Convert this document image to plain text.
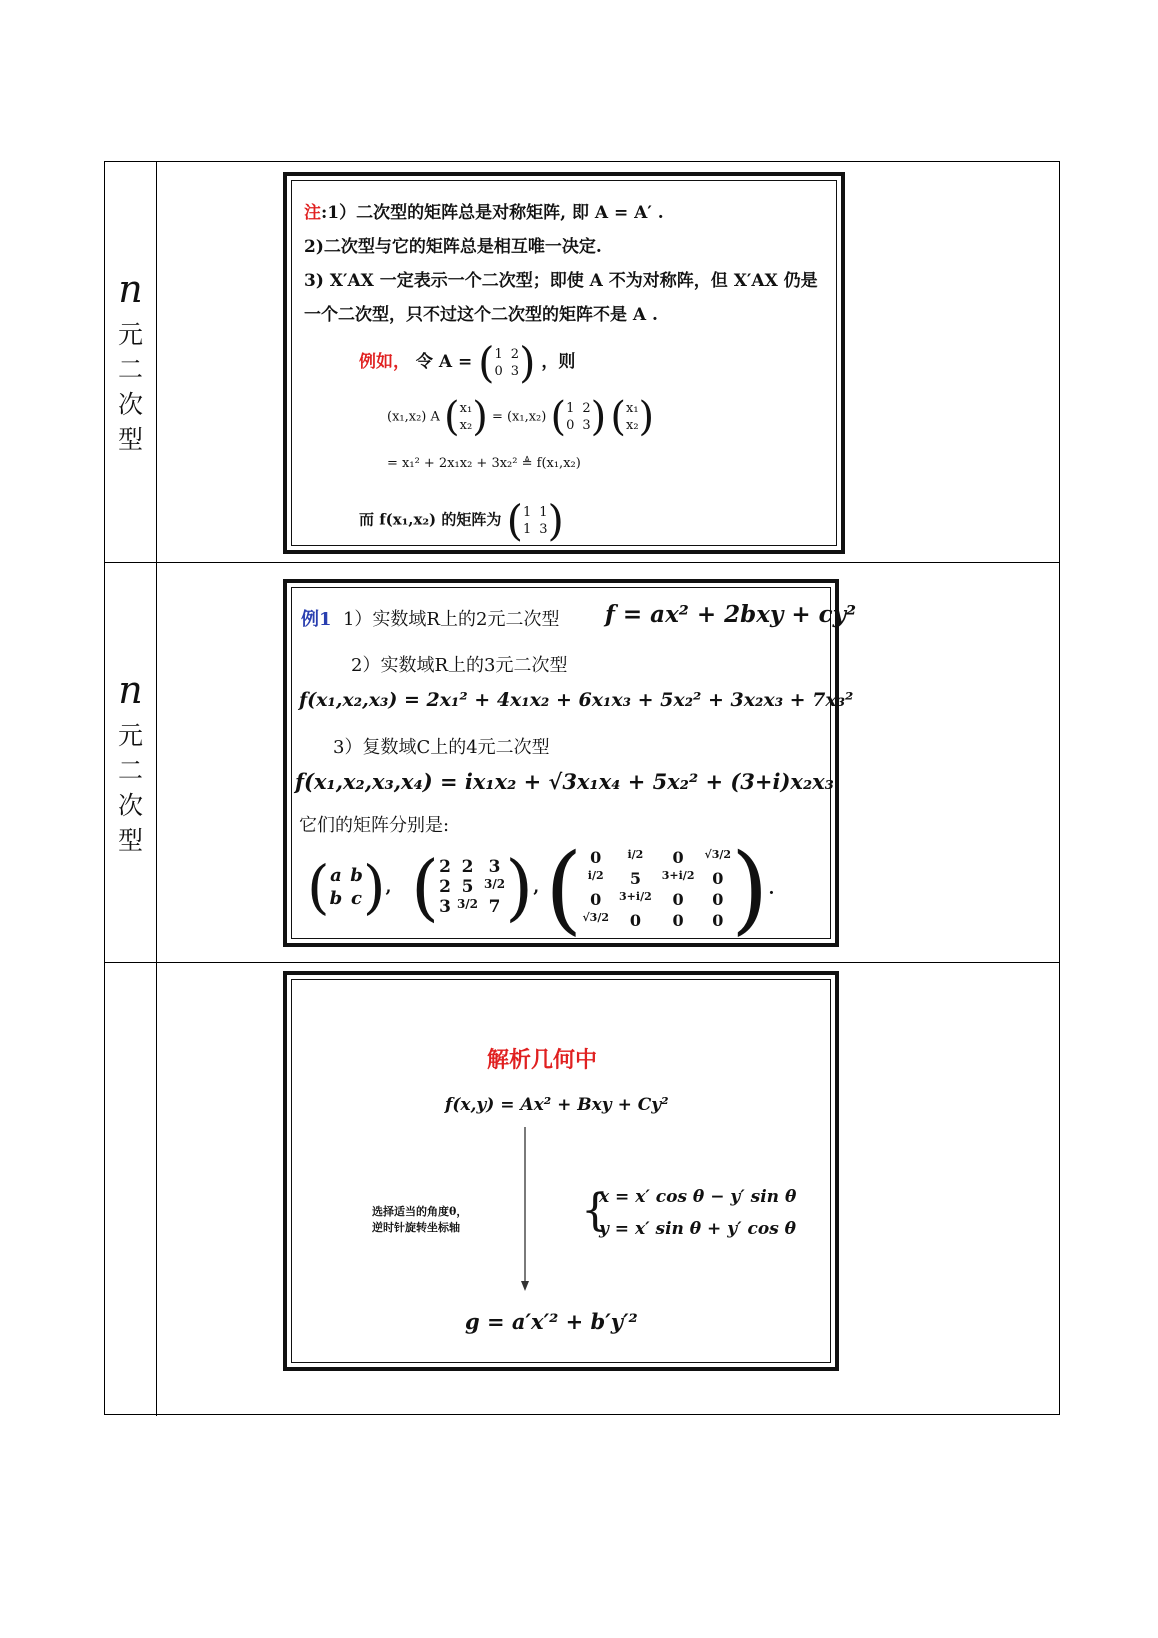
n
元
二
次
型
注:1）二次型的矩阵总是对称矩阵, 即 A = A′ .
2)二次型与它的矩阵总是相互唯一决定.
3) X′AX 一定表示一个二次型；即使 A 不为对称阵，但 X′AX 仍是
一个二次型，只不过这个二次型的矩阵不是 A .
例如， 令 A = ( 1 2
0 3 ) ，则
(x₁,x₂) A ( x₁
x₂ ) = (x₁,x₂) ( 1 2
0 3 )
( x₁
x₂ )
= x₁² + 2x₁x₂ + 3x₂² ≜ f(x₁,x₂)
而 f(x₁,x₂) 的矩阵为 ( 1 1
1 3 )
n
元
二
次
型
例1 1）实数域R上的2元二次型 f = ax² + 2bxy + cy²
2）实数域R上的3元二次型
f(x₁,x₂,x₃) = 2x₁² + 4x₁x₂ + 6x₁x₃ + 5x₂² + 3x₂x₃ + 7x₃²
3）复数域C上的4元二次型
f(x₁,x₂,x₃,x₄) = ix₁x₂ + √3x₁x₄ + 5x₂² + (3+i)x₂x₃
它们的矩阵分别是:
( a b
b c ) , ( 2 2 3
2 5 3/2
3 3/2 7 ) , ( 0	i/2	0	√3/2
i/2	5	3+i/2	0
0	3+i/2	0	0
√3/2	0	0	0 ) .
解析几何中
f(x,y) = Ax² + Bxy + Cy²
选择适当的角度θ，
逆时针旋转坐标轴	{
x = x′ cos θ − y′ sin θ
y = x′ sin θ + y′ cos θ
g = a′x′² + b′y′²
